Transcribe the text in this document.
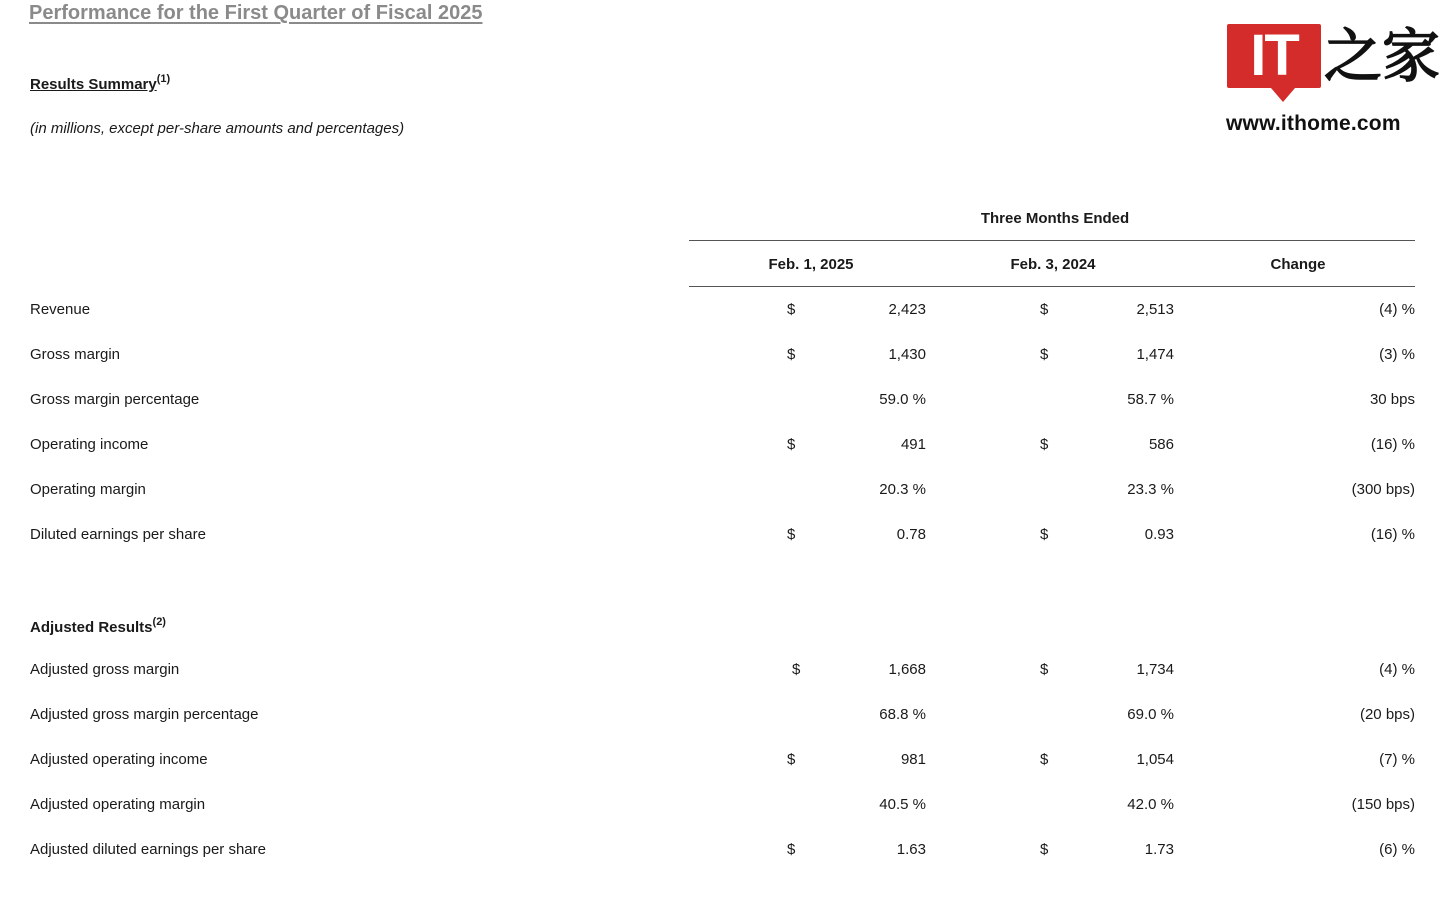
Performance for the First Quarter of Fiscal 2025
Results Summary$^{(1)}$
(in millions, except per-share amounts and percentages)
IT 之家
www.ithome.com
Three Months Ended
Feb. 1, 2025	Feb. 3, 2024	Change
Revenue	$	2,423	$	2,513	(4) %
Gross margin	$	1,430	$	1,474	(3) %
Gross margin percentage	59.0 %	58.7 %	30 bps
Operating income	$	491	$	586	(16) %
Operating margin	20.3 %	23.3 %	(300 bps)
Diluted earnings per share	$	0.78	$	0.93	(16) %
Adjusted Results$^{(2)}$
Adjusted gross margin	$	1,668	$	1,734	(4) %
Adjusted gross margin percentage	68.8 %	69.0 %	(20 bps)
Adjusted operating income	$	981	$	1,054	(7) %
Adjusted operating margin	40.5 %	42.0 %	(150 bps)
Adjusted diluted earnings per share	$	1.63	$	1.73	(6) %
